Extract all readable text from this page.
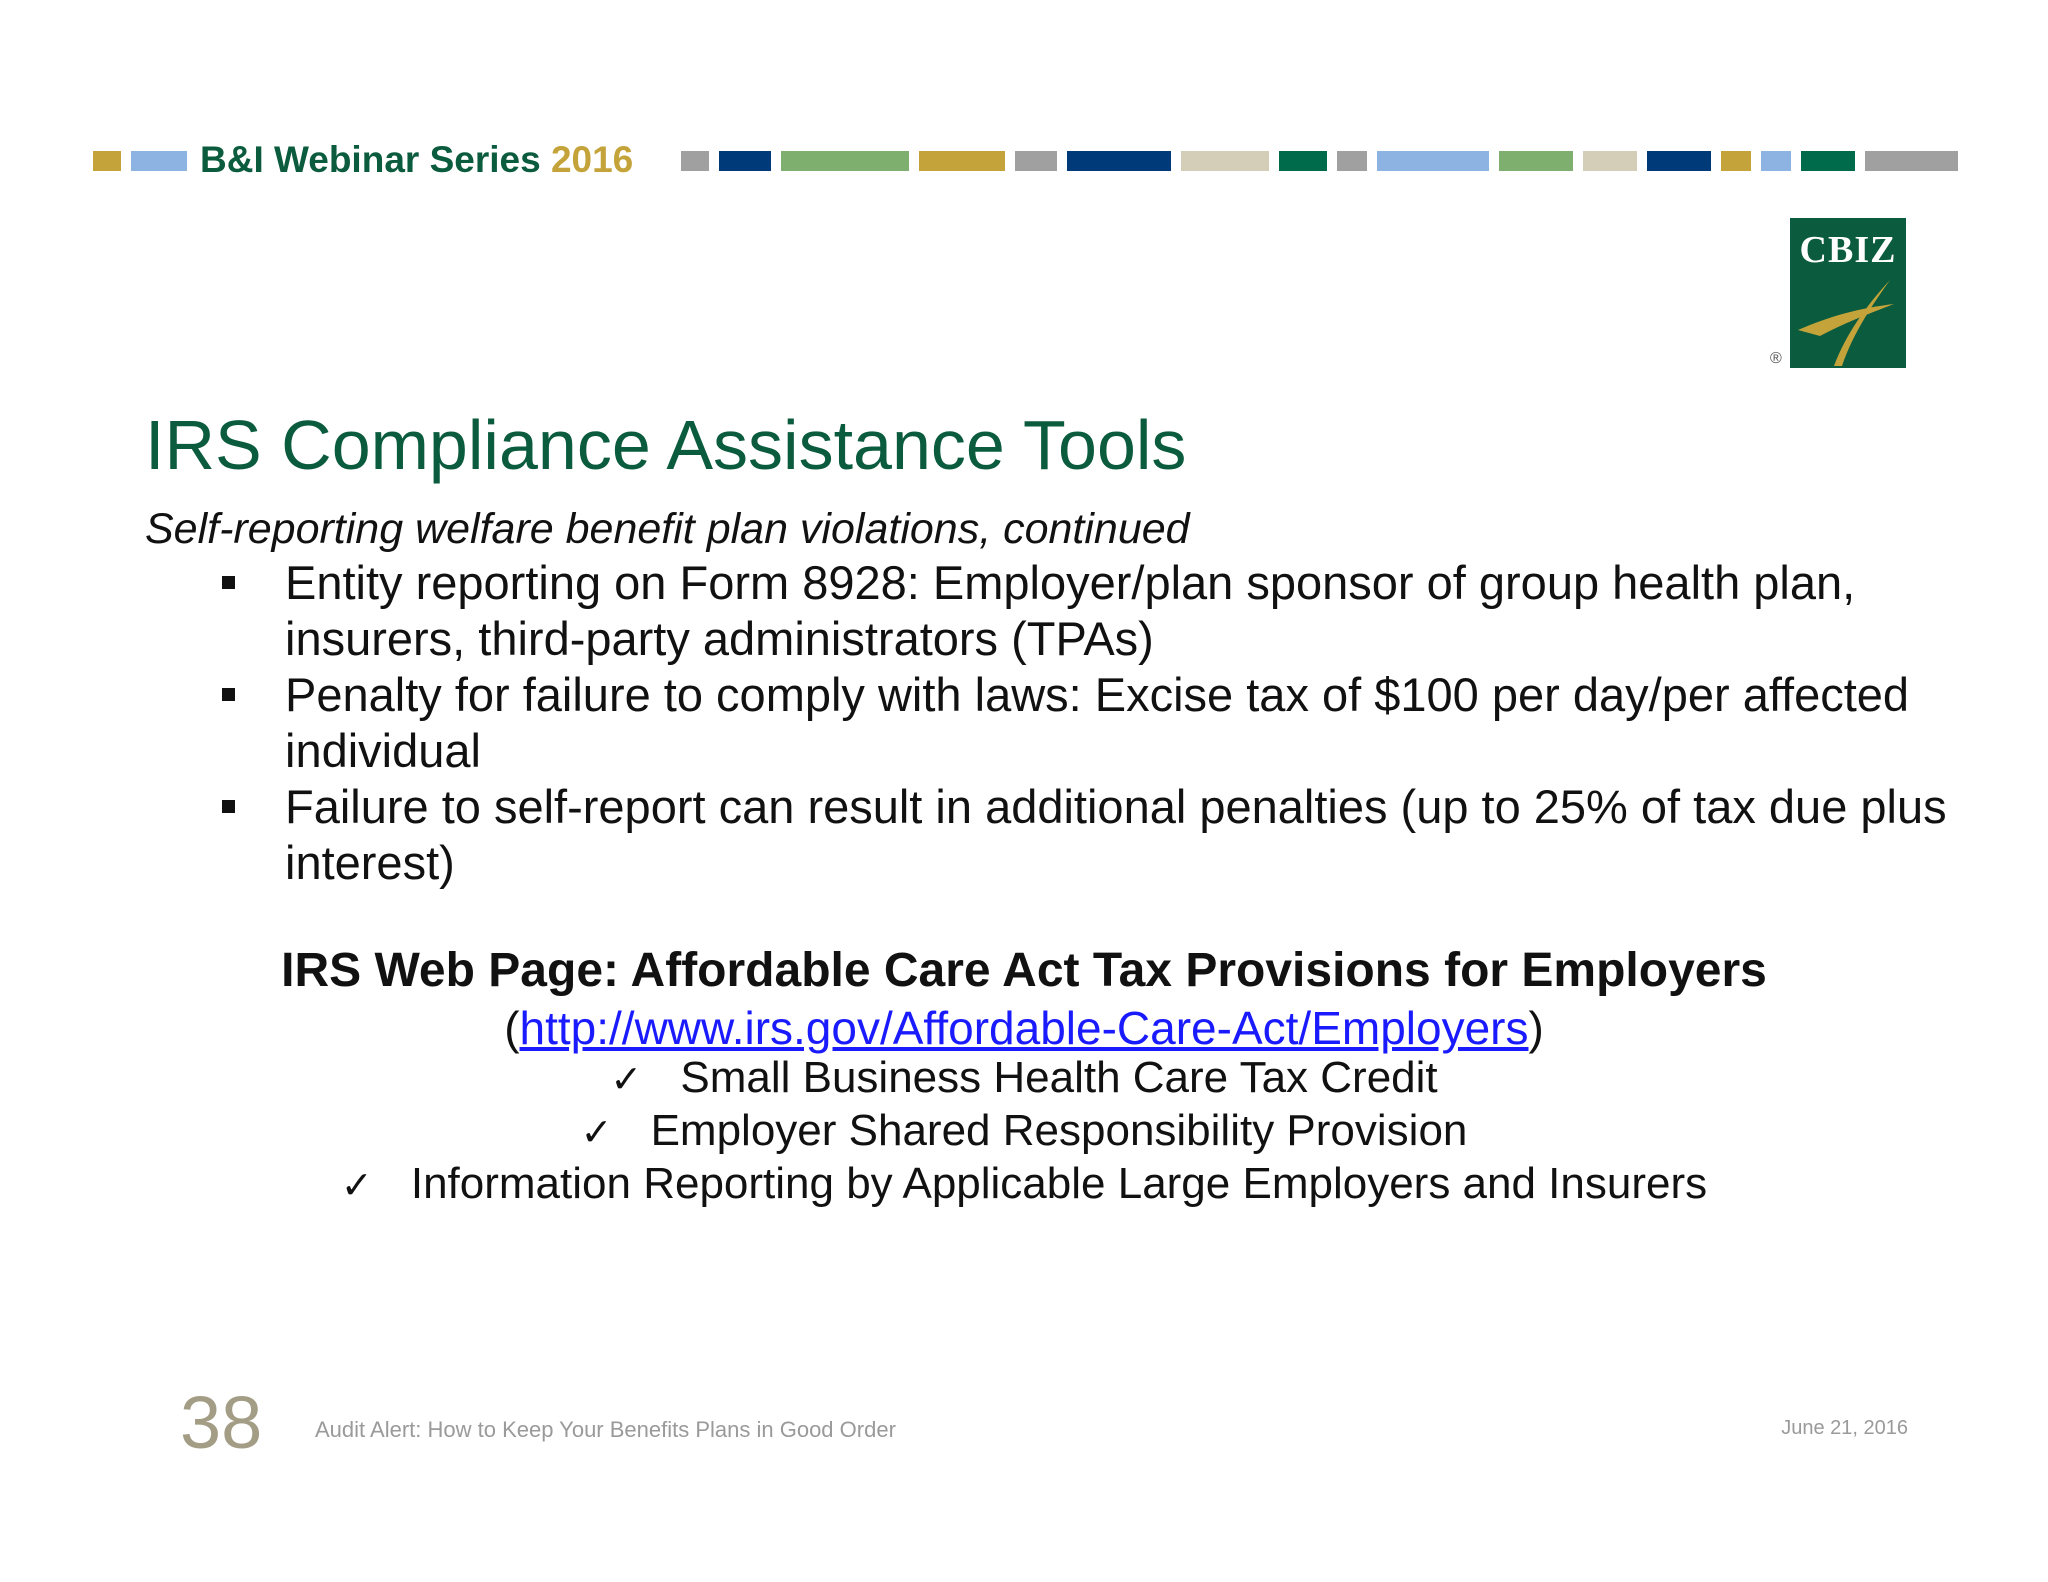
B&I Webinar Series 2016
CBIZ
®
IRS Compliance Assistance Tools
Self-reporting welfare benefit plan violations, continued
Entity reporting on Form 8928: Employer/plan sponsor of group health plan, insurers, third-party administrators (TPAs)
Penalty for failure to comply with laws: Excise tax of $100 per day/per affected individual
Failure to self-report can result in additional penalties (up to 25% of tax due plus interest)
IRS Web Page: Affordable Care Act Tax Provisions for Employers
(http://www.irs.gov/Affordable-Care-Act/Employers)
✓ Small Business Health Care Tax Credit
✓ Employer Shared Responsibility Provision
✓ Information Reporting by Applicable Large Employers and Insurers
38 Audit Alert: How to Keep Your Benefits Plans in Good Order	June 21, 2016
